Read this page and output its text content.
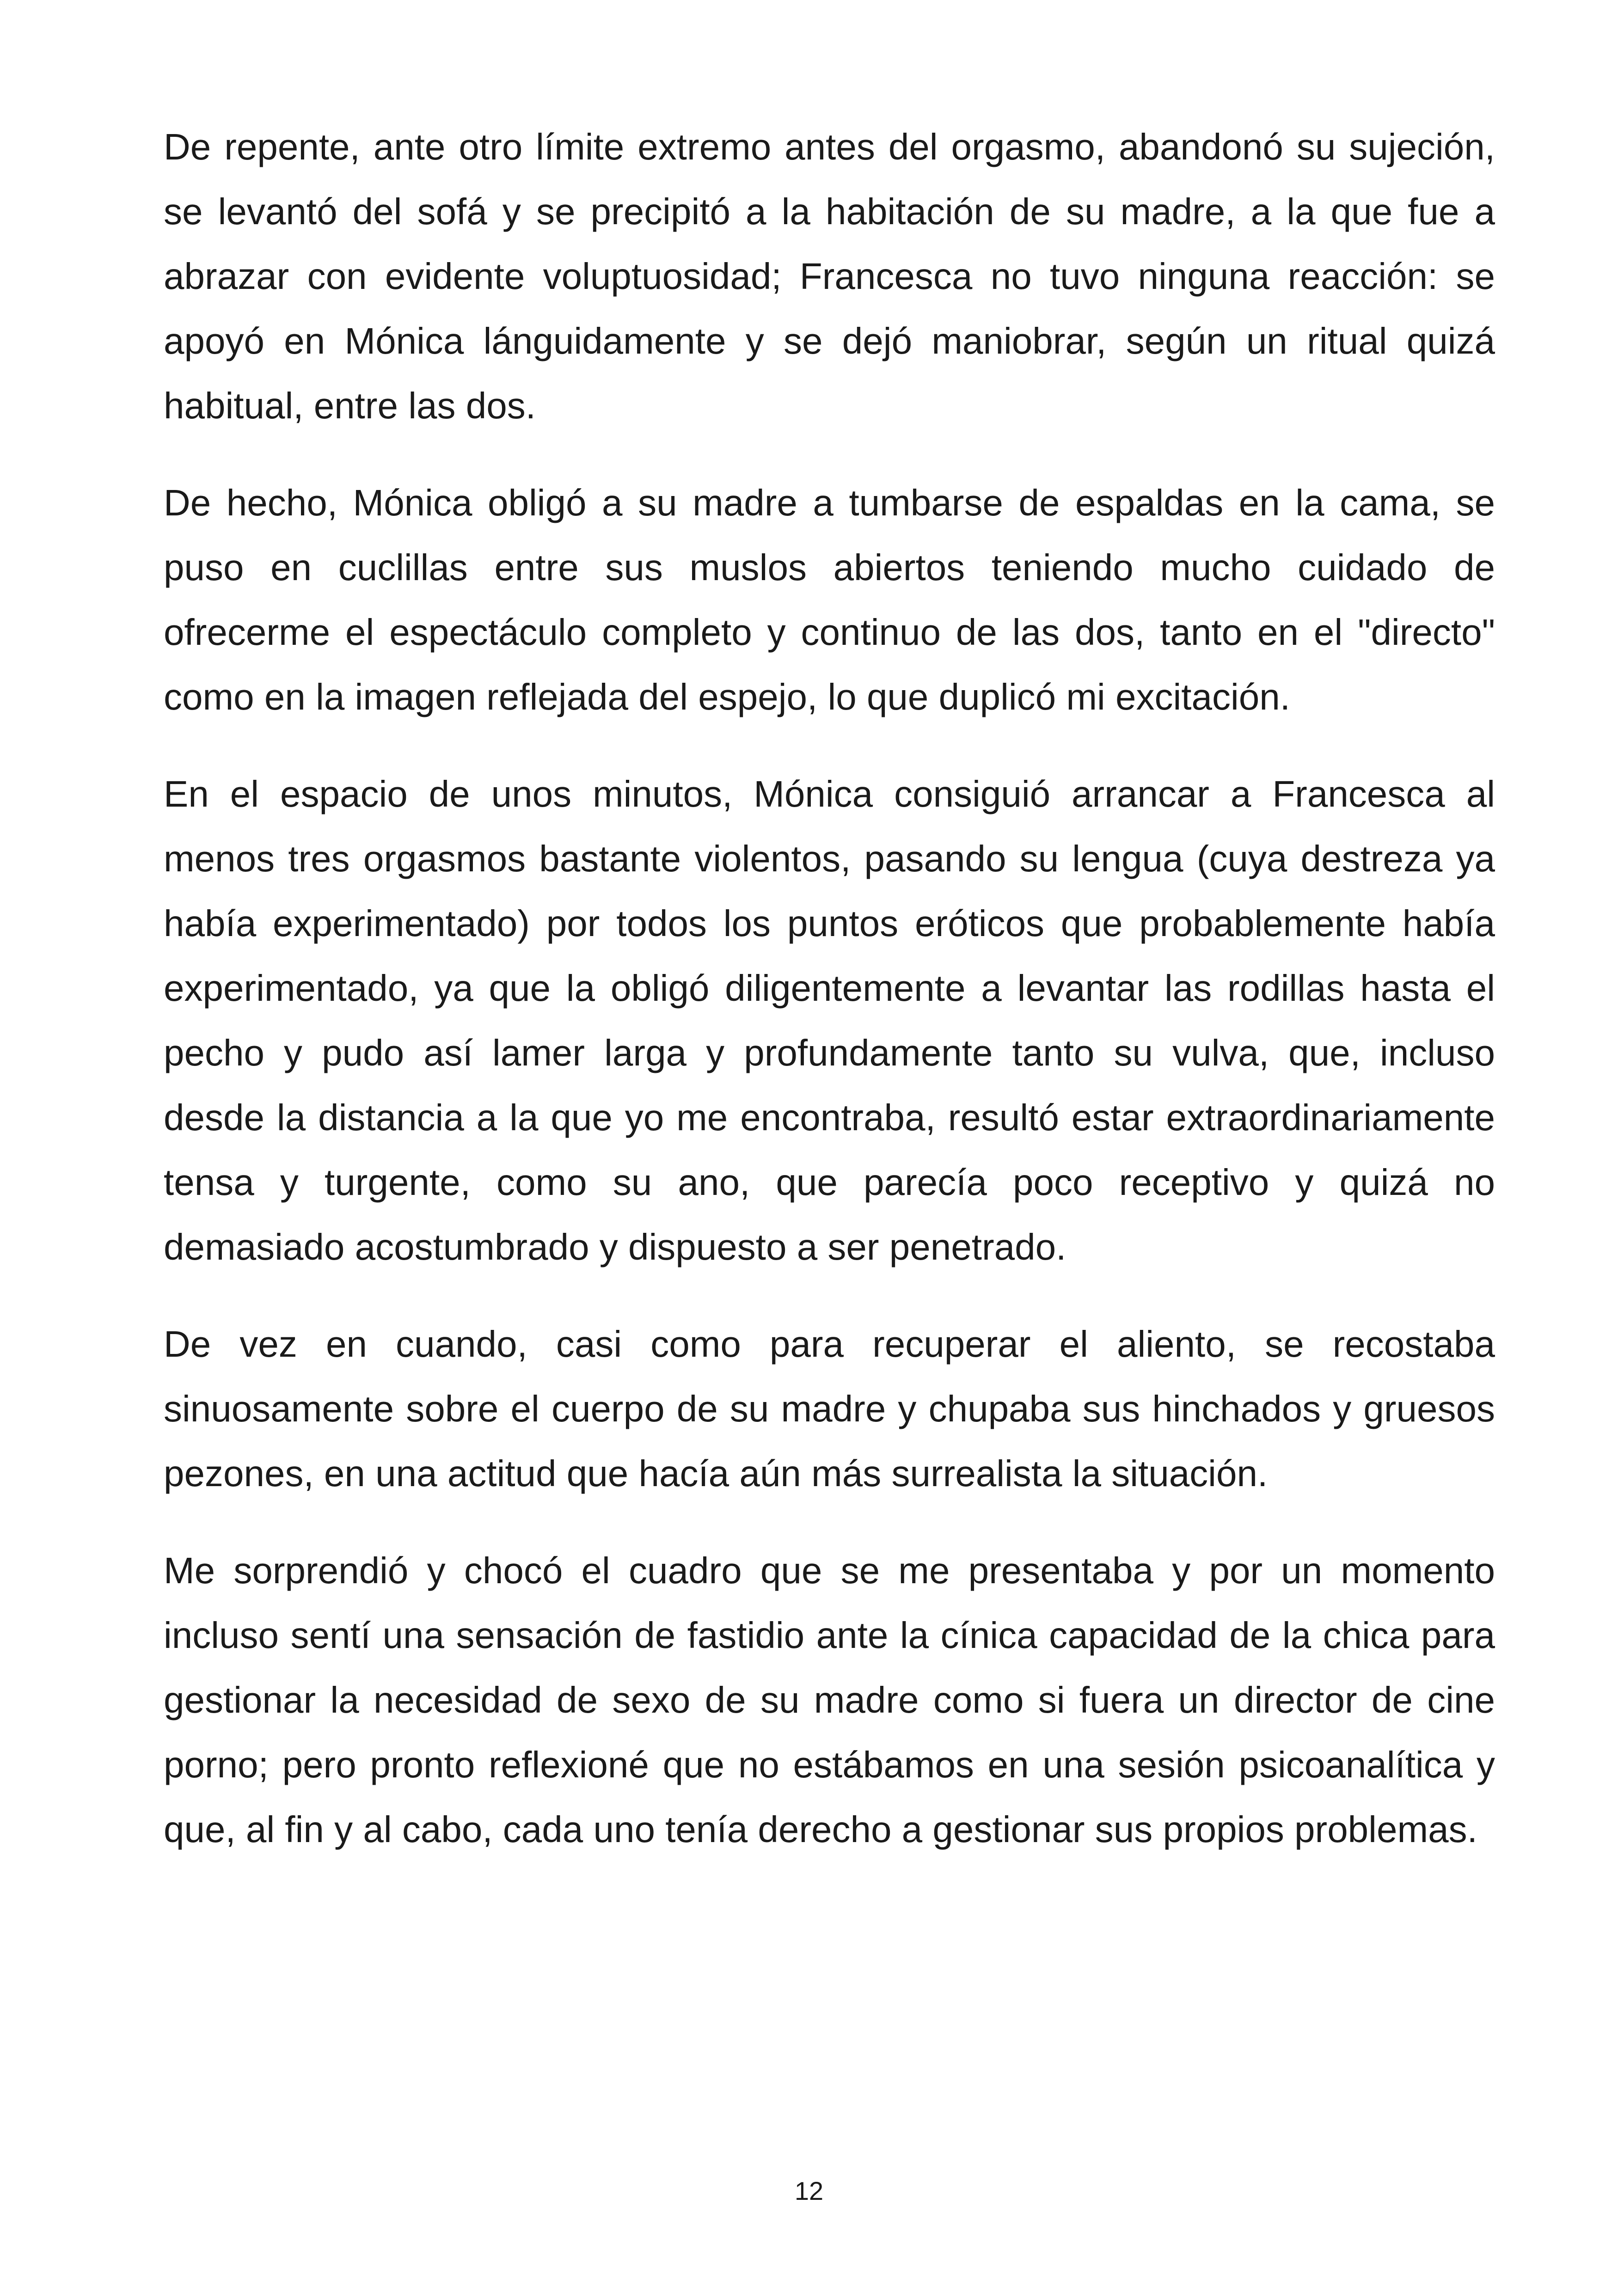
De repente, ante otro límite extremo antes del orgasmo, abandonó su sujeción, se levantó del sofá y se precipitó a la habitación de su madre, a la que fue a abrazar con evidente voluptuosidad; Francesca no tuvo ninguna reacción: se apoyó en Mónica lánguidamente y se dejó maniobrar, según un ritual quizá habitual, entre las dos.

De hecho, Mónica obligó a su madre a tumbarse de espaldas en la cama, se puso en cuclillas entre sus muslos abiertos teniendo mucho cuidado de ofrecerme el espectáculo completo y continuo de las dos, tanto en el "directo" como en la imagen reflejada del espejo, lo que duplicó mi excitación.

En el espacio de unos minutos, Mónica consiguió arrancar a Francesca al menos tres orgasmos bastante violentos, pasando su lengua (cuya destreza ya había experimentado) por todos los puntos eróticos que probablemente había experimentado, ya que la obligó diligentemente a levantar las rodillas hasta el pecho y pudo así lamer larga y profundamente tanto su vulva, que, incluso desde la distancia a la que yo me encontraba, resultó estar extraordinariamente tensa y turgente, como su ano, que parecía poco receptivo y quizá no demasiado acostumbrado y dispuesto a ser penetrado.

De vez en cuando, casi como para recuperar el aliento, se recostaba sinuosamente sobre el cuerpo de su madre y chupaba sus hinchados y gruesos pezones, en una actitud que hacía aún más surrealista la situación.

Me sorprendió y chocó el cuadro que se me presentaba y por un momento incluso sentí una sensación de fastidio ante la cínica capacidad de la chica para gestionar la necesidad de sexo de su madre como si fuera un director de cine porno; pero pronto reflexioné que no estábamos en una sesión psicoanalítica y que, al fin y al cabo, cada uno tenía derecho a gestionar sus propios problemas.

12
